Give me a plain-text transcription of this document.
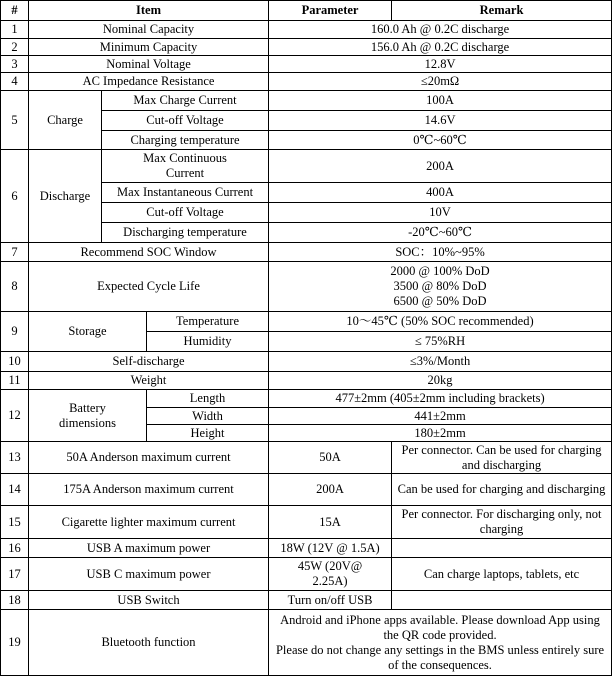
#	Item			Parameter	Remark
1	Nominal Capacity			160.0 Ah @ 0.2C discharge	
2	Minimum Capacity			156.0 Ah @ 0.2C discharge	
3	Nominal Voltage			12.8V	
4	AC Impedance Resistance			≤20mΩ	
5	Charge	Max Charge Current		100A	
		Cut-off Voltage		14.6V	
		Charging temperature		0℃~60℃	
6	Discharge	Max Continuous Current		200A	
		Max Instantaneous Current		400A	
		Cut-off Voltage		10V	
		Discharging temperature		-20℃~60℃	
7	Recommend SOC Window			SOC：10%~95%	
8	Expected Cycle Life			2000 @ 100% DoD
3500 @ 80% DoD
6500 @ 50% DoD	

9	Storage		Temperature	10～45℃ (50% SOC recommended)	
			Humidity	≤ 75%RH	
10	Self-discharge			≤3%/Month	
11	Weight			20kg	
12	Battery dimensions		Length	477±2mm (405±2mm including brackets)	
			Width	441±2mm	
			Height	180±2mm	
13	50A Anderson maximum current			50A	Per connector. Can be used for charging and discharging
14	175A Anderson maximum current			200A	Can be used for charging and discharging
15	Cigarette lighter maximum current			15A	Per connector. For discharging only, not charging
16	USB A maximum power			18W (12V @ 1.5A)	
17	USB C maximum power			45W (20V@ 2.25A)	Can charge laptops, tablets, etc
18	USB Switch			Turn on/off USB	
19	Bluetooth function			Android and iPhone apps available. Please download App using the QR code provided.
Please do not change any settings in the BMS unless entirely sure of the consequences.	
